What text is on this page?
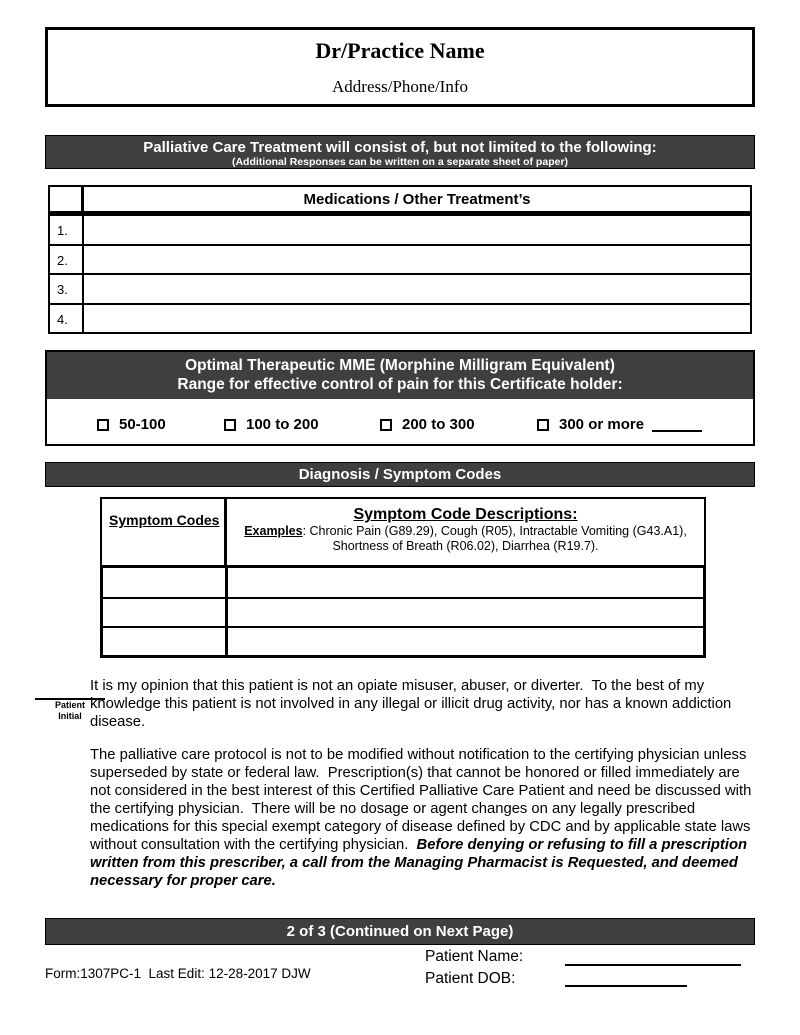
Dr/Practice Name
Address/Phone/Info
Palliative Care Treatment will consist of, but not limited to the following:
(Additional Responses can be written on a separate sheet of paper)
Medications / Other Treatment’s
1.
2.
3.
4.
Optimal Therapeutic MME (Morphine Milligram Equivalent)
Range for effective control of pain for this Certificate holder:
50-100	100 to 200	200 to 300	300 or more
Diagnosis / Symptom Codes
Symptom Codes	Symptom Code Descriptions:
Examples: Chronic Pain (G89.29), Cough (R05), Intractable Vomiting (G43.A1),
Shortness of Breath (R06.02), Diarrhea (R19.7).
Patient
Initial
It is my opinion that this patient is not an opiate misuser, abuser, or diverter.  To the best of my knowledge this patient is not involved in any illegal or illicit drug activity, nor has a known addiction disease.
The palliative care protocol is not to be modified without notification to the certifying physician unless superseded by state or federal law.  Prescription(s) that cannot be honored or filled immediately are not considered in the best interest of this Certified Palliative Care Patient and need be discussed with the certifying physician.  There will be no dosage or agent changes on any legally prescribed medications for this special exempt category of disease defined by CDC and by applicable state laws without consultation with the certifying physician.  Before denying or refusing to fill a prescription written from this prescriber, a call from the Managing Pharmacist is Requested, and deemed necessary for proper care.
2 of 3 (Continued on Next Page)
Form:1307PC-1  Last Edit: 12-28-2017 DJW
Patient Name:
Patient DOB:
